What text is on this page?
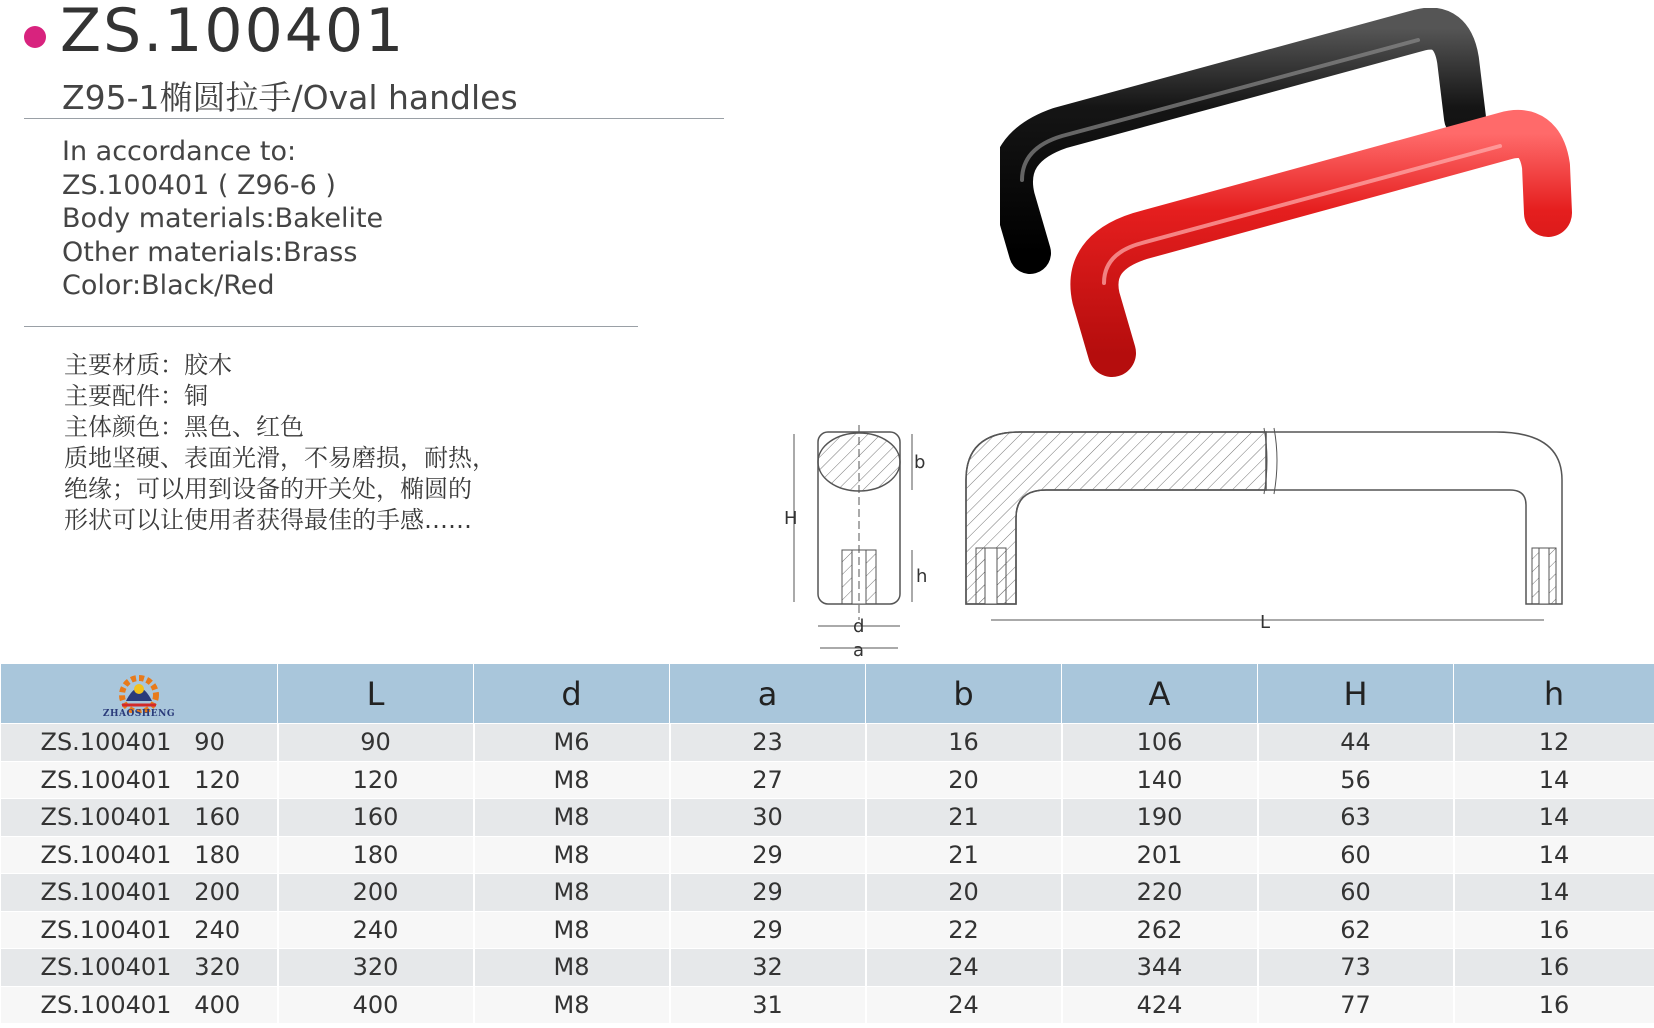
ZS.100401
Z95-1椭圆拉手/Oval handles
In accordance to:
ZS.100401 ( Z96-6 )
Body materials:Bakelite
Other materials:Brass
Color:Black/Red
主要材质：胶木
主要配件：铜
主体颜色：黑色、红色
质地坚硬、表面光滑，不易磨损，耐热，
绝缘；可以用到设备的开关处，椭圆的
形状可以让使用者获得最佳的手感……
b
H
h
d
a
L
ZHAOSHENG	L	d	a	b	A	H	h
ZS.100401   90	90	M6	23	16	106	44	12
ZS.100401   120	120	M8	27	20	140	56	14
ZS.100401   160	160	M8	30	21	190	63	14
ZS.100401   180	180	M8	29	21	201	60	14
ZS.100401   200	200	M8	29	20	220	60	14
ZS.100401   240	240	M8	29	22	262	62	16
ZS.100401   320	320	M8	32	24	344	73	16
ZS.100401   400	400	M8	31	24	424	77	16
